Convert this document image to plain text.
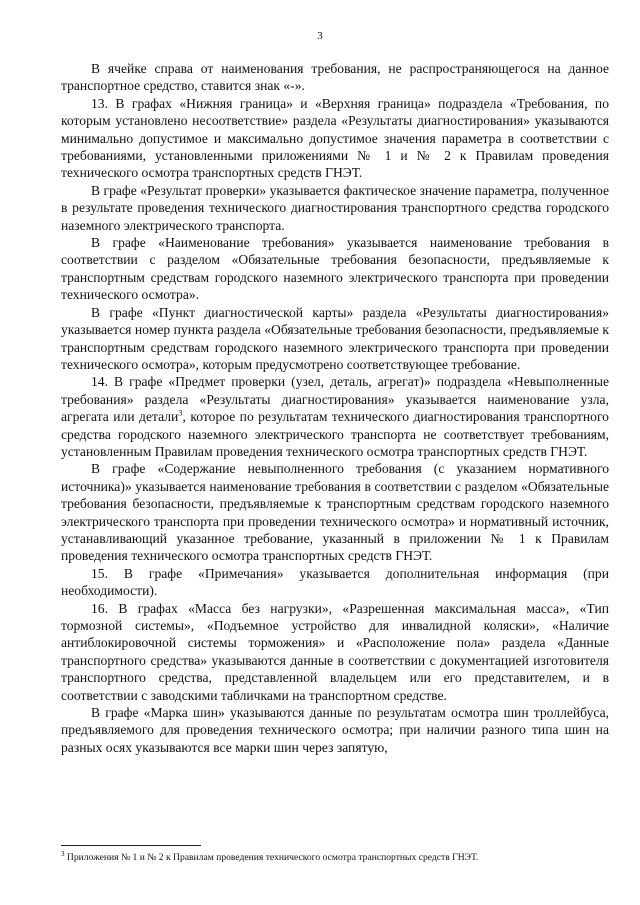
3

В ячейке справа от наименования требования, не распространяющегося на данное транспортное средство, ставится знак «-».

13. В графах «Нижняя граница» и «Верхняя граница» подраздела «Требования, по которым установлено несоответствие» раздела «Результаты диагностирования» указываются минимально допустимое и максимально допустимое значения параметра в соответствии с требованиями, установленными приложениями № 1 и № 2 к Правилам проведения технического осмотра транспортных средств ГНЭТ.

В графе «Результат проверки» указывается фактическое значение параметра, полученное в результате проведения технического диагностирования транспортного средства городского наземного электрического транспорта.

В графе «Наименование требования» указывается наименование требования в соответствии с разделом «Обязательные требования безопасности, предъявляемые к транспортным средствам городского наземного электрического транспорта при проведении технического осмотра».

В графе «Пункт диагностической карты» раздела «Результаты диагностирования» указывается номер пункта раздела «Обязательные требования безопасности, предъявляемые к транспортным средствам городского наземного электрического транспорта при проведении технического осмотра», которым предусмотрено соответствующее требование.

14. В графе «Предмет проверки (узел, деталь, агрегат)» подраздела «Невыполненные требования» раздела «Результаты диагностирования» указывается наименование узла, агрегата или детали$^3$, которое по результатам технического диагностирования транспортного средства городского наземного электрического транспорта не соответствует требованиям, установленным Правилам проведения технического осмотра транспортных средств ГНЭТ.

В графе «Содержание невыполненного требования (с указанием нормативного источника)» указывается наименование требования в соответствии с разделом «Обязательные требования безопасности, предъявляемые к транспортным средствам городского наземного электрического транспорта при проведении технического осмотра» и нормативный источник, устанавливающий указанное требование, указанный в приложении № 1 к Правилам проведения технического осмотра транспортных средств ГНЭТ.

15. В графе «Примечания» указывается дополнительная информация (при необходимости).

16. В графах «Масса без нагрузки», «Разрешенная максимальная масса», «Тип тормозной системы», «Подъемное устройство для инвалидной коляски», «Наличие антиблокировочной системы торможения» и «Расположение пола» раздела «Данные транспортного средства» указываются данные в соответствии с документацией изготовителя транспортного средства, представленной владельцем или его представителем, и в соответствии с заводскими табличками на транспортном средстве.

В графе «Марка шин» указываются данные по результатам осмотра шин троллейбуса, предъявляемого для проведения технического осмотра; при наличии разного типа шин на разных осях указываются все марки шин через запятую,

$^3$ Приложения № 1 и № 2 к Правилам проведения технического осмотра транспортных средств ГНЭТ.
